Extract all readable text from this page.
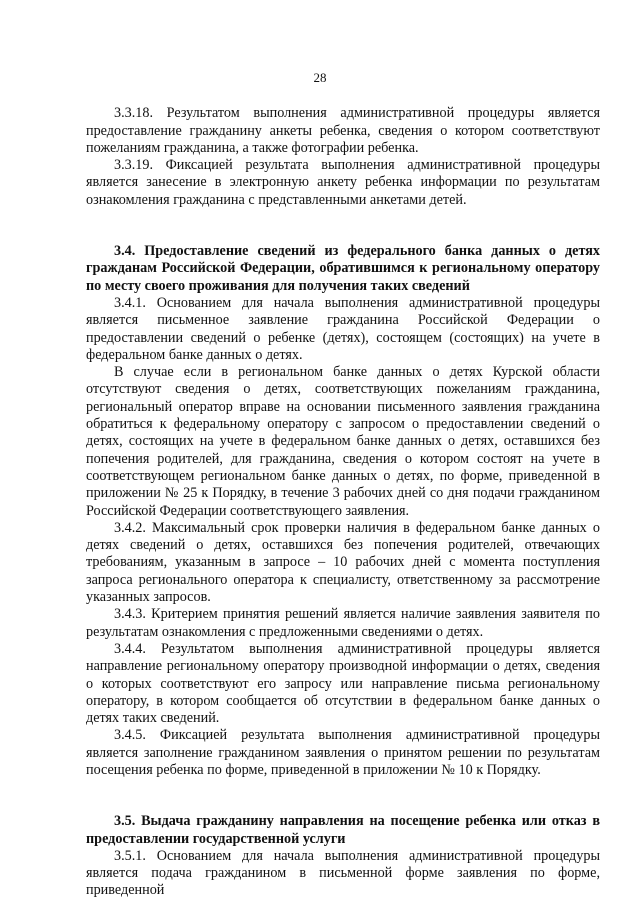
28

3.3.18. Результатом выполнения административной процедуры является предоставление гражданину анкеты ребенка, сведения о котором соответствуют пожеланиям гражданина, а также фотографии ребенка.

3.3.19. Фиксацией результата выполнения административной процедуры является занесение в электронную анкету ребенка информации по результатам ознакомления гражданина с представленными анкетами детей.

3.4. Предоставление сведений из федерального банка данных о детях гражданам Российской Федерации, обратившимся к региональному оператору по месту своего проживания для получения таких сведений

3.4.1. Основанием для начала выполнения административной процедуры является письменное заявление гражданина Российской Федерации о предоставлении сведений о ребенке (детях), состоящем (состоящих) на учете в федеральном банке данных о детях.

В случае если в региональном банке данных о детях Курской области отсутствуют сведения о детях, соответствующих пожеланиям гражданина, региональный оператор вправе на основании письменного заявления гражданина обратиться к федеральному оператору с запросом о предоставлении сведений о детях, состоящих на учете в федеральном банке данных о детях, оставшихся без попечения родителей, для гражданина, сведения о котором состоят на учете в соответствующем региональном банке данных о детях, по форме, приведенной в приложении № 25 к Порядку, в течение 3 рабочих дней со дня подачи гражданином Российской Федерации соответствующего заявления.

3.4.2. Максимальный срок проверки наличия в федеральном банке данных о детях сведений о детях, оставшихся без попечения родителей, отвечающих требованиям, указанным в запросе – 10 рабочих дней с момента поступления запроса регионального оператора к специалисту, ответственному за рассмотрение указанных запросов.

3.4.3. Критерием принятия решений является наличие заявления заявителя по результатам ознакомления с предложенными сведениями о детях.

3.4.4. Результатом выполнения административной процедуры является направление региональному оператору производной информации о детях, сведения о которых соответствуют его запросу или направление письма региональному оператору, в котором сообщается об отсутствии в федеральном банке данных о детях таких сведений.

3.4.5. Фиксацией результата выполнения административной процедуры является заполнение гражданином заявления о принятом решении по результатам посещения ребенка по форме, приведенной в приложении № 10 к Порядку.

3.5. Выдача гражданину направления на посещение ребенка или отказ в предоставлении государственной услуги

3.5.1. Основанием для начала выполнения административной процедуры является подача гражданином в письменной форме заявления по форме, приведенной
